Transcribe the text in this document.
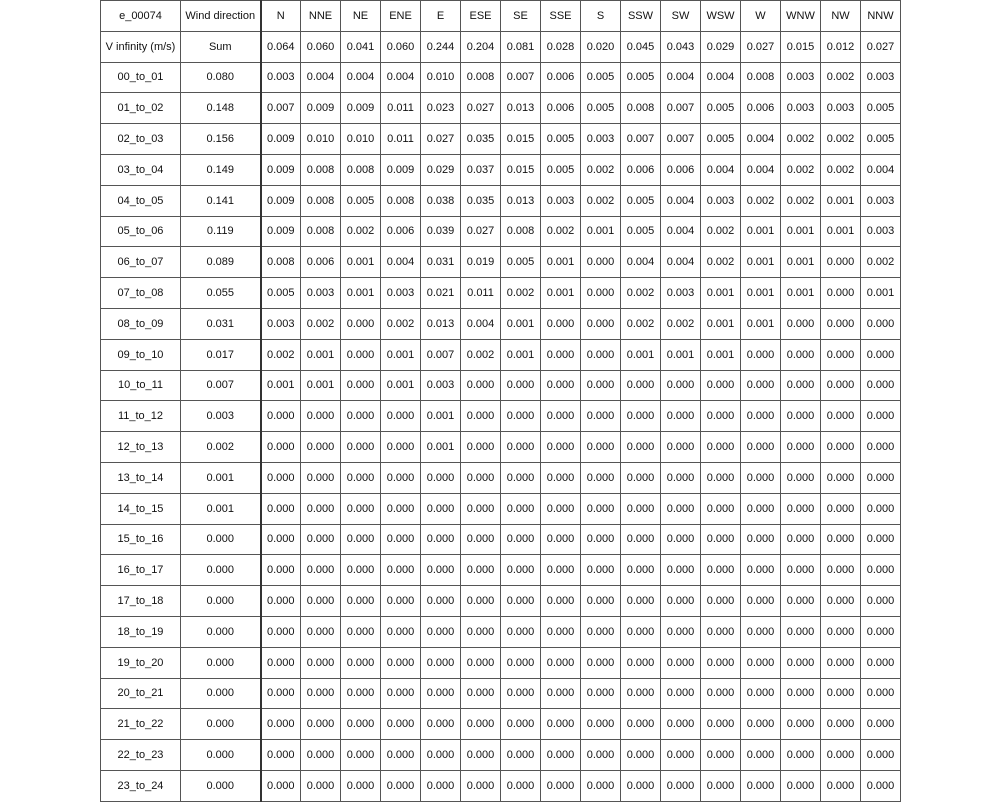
e_00074	Wind direction	N	NNE	NE	ENE	E	ESE	SE	SSE	S	SSW	SW	WSW	W	WNW	NW	NNW
V infinity (m/s)	Sum	0.064	0.060	0.041	0.060	0.244	0.204	0.081	0.028	0.020	0.045	0.043	0.029	0.027	0.015	0.012	0.027
00_to_01	0.080	0.003	0.004	0.004	0.004	0.010	0.008	0.007	0.006	0.005	0.005	0.004	0.004	0.008	0.003	0.002	0.003
01_to_02	0.148	0.007	0.009	0.009	0.011	0.023	0.027	0.013	0.006	0.005	0.008	0.007	0.005	0.006	0.003	0.003	0.005
02_to_03	0.156	0.009	0.010	0.010	0.011	0.027	0.035	0.015	0.005	0.003	0.007	0.007	0.005	0.004	0.002	0.002	0.005
03_to_04	0.149	0.009	0.008	0.008	0.009	0.029	0.037	0.015	0.005	0.002	0.006	0.006	0.004	0.004	0.002	0.002	0.004
04_to_05	0.141	0.009	0.008	0.005	0.008	0.038	0.035	0.013	0.003	0.002	0.005	0.004	0.003	0.002	0.002	0.001	0.003
05_to_06	0.119	0.009	0.008	0.002	0.006	0.039	0.027	0.008	0.002	0.001	0.005	0.004	0.002	0.001	0.001	0.001	0.003
06_to_07	0.089	0.008	0.006	0.001	0.004	0.031	0.019	0.005	0.001	0.000	0.004	0.004	0.002	0.001	0.001	0.000	0.002
07_to_08	0.055	0.005	0.003	0.001	0.003	0.021	0.011	0.002	0.001	0.000	0.002	0.003	0.001	0.001	0.001	0.000	0.001
08_to_09	0.031	0.003	0.002	0.000	0.002	0.013	0.004	0.001	0.000	0.000	0.002	0.002	0.001	0.001	0.000	0.000	0.000
09_to_10	0.017	0.002	0.001	0.000	0.001	0.007	0.002	0.001	0.000	0.000	0.001	0.001	0.001	0.000	0.000	0.000	0.000
10_to_11	0.007	0.001	0.001	0.000	0.001	0.003	0.000	0.000	0.000	0.000	0.000	0.000	0.000	0.000	0.000	0.000	0.000
11_to_12	0.003	0.000	0.000	0.000	0.000	0.001	0.000	0.000	0.000	0.000	0.000	0.000	0.000	0.000	0.000	0.000	0.000
12_to_13	0.002	0.000	0.000	0.000	0.000	0.001	0.000	0.000	0.000	0.000	0.000	0.000	0.000	0.000	0.000	0.000	0.000
13_to_14	0.001	0.000	0.000	0.000	0.000	0.000	0.000	0.000	0.000	0.000	0.000	0.000	0.000	0.000	0.000	0.000	0.000
14_to_15	0.001	0.000	0.000	0.000	0.000	0.000	0.000	0.000	0.000	0.000	0.000	0.000	0.000	0.000	0.000	0.000	0.000
15_to_16	0.000	0.000	0.000	0.000	0.000	0.000	0.000	0.000	0.000	0.000	0.000	0.000	0.000	0.000	0.000	0.000	0.000
16_to_17	0.000	0.000	0.000	0.000	0.000	0.000	0.000	0.000	0.000	0.000	0.000	0.000	0.000	0.000	0.000	0.000	0.000
17_to_18	0.000	0.000	0.000	0.000	0.000	0.000	0.000	0.000	0.000	0.000	0.000	0.000	0.000	0.000	0.000	0.000	0.000
18_to_19	0.000	0.000	0.000	0.000	0.000	0.000	0.000	0.000	0.000	0.000	0.000	0.000	0.000	0.000	0.000	0.000	0.000
19_to_20	0.000	0.000	0.000	0.000	0.000	0.000	0.000	0.000	0.000	0.000	0.000	0.000	0.000	0.000	0.000	0.000	0.000
20_to_21	0.000	0.000	0.000	0.000	0.000	0.000	0.000	0.000	0.000	0.000	0.000	0.000	0.000	0.000	0.000	0.000	0.000
21_to_22	0.000	0.000	0.000	0.000	0.000	0.000	0.000	0.000	0.000	0.000	0.000	0.000	0.000	0.000	0.000	0.000	0.000
22_to_23	0.000	0.000	0.000	0.000	0.000	0.000	0.000	0.000	0.000	0.000	0.000	0.000	0.000	0.000	0.000	0.000	0.000
23_to_24	0.000	0.000	0.000	0.000	0.000	0.000	0.000	0.000	0.000	0.000	0.000	0.000	0.000	0.000	0.000	0.000	0.000
